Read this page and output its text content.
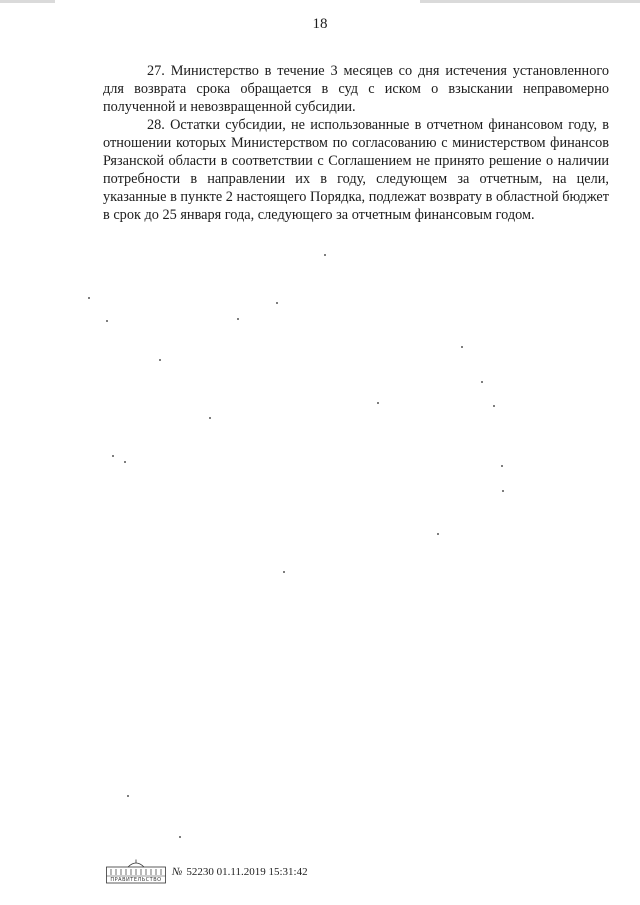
18

27. Министерство в течение 3 месяцев со дня истечения установленного для возврата срока обращается в суд с иском о взыскании неправомерно полученной и невозвращенной субсидии.

28. Остатки субсидии, не использованные в отчетном финансовом году, в отношении которых Министерством по согласованию с министерством финансов Рязанской области в соответствии с Соглашением не принято решение о наличии потребности в направлении их в году, следующем за отчетным, на цели, указанные в пункте 2 настоящего Порядка, подлежат возврату в областной бюджет в срок до 25 января года, следующего за отчетным финансовым годом.

ПРАВИТЕЛЬСТВО
№ 52230 01.11.2019 15:31:42
